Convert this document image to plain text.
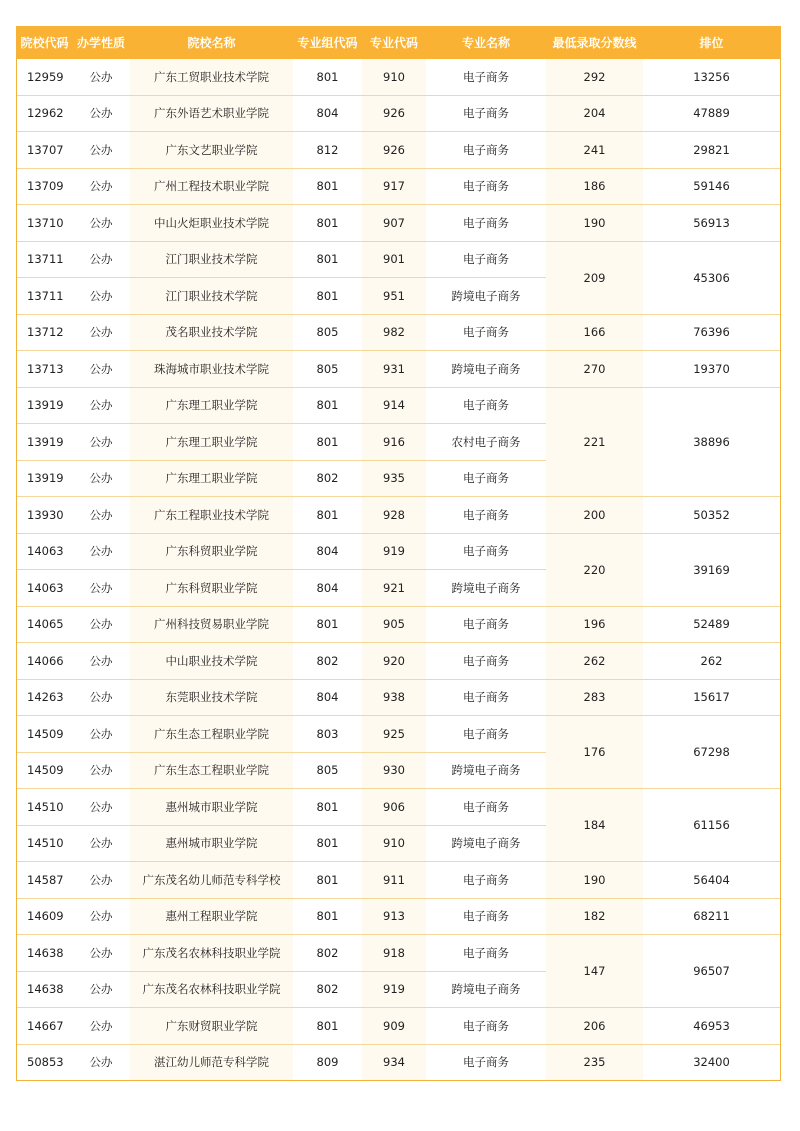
院校代码	办学性质	院校名称	专业组代码	专业代码	专业名称	最低录取分数线	排位
12959	公办	广东工贸职业技术学院	801	910	电子商务	292	13256
12962	公办	广东外语艺术职业学院	804	926	电子商务	204	47889
13707	公办	广东文艺职业学院	812	926	电子商务	241	29821
13709	公办	广州工程技术职业学院	801	917	电子商务	186	59146
13710	公办	中山火炬职业技术学院	801	907	电子商务	190	56913
13711	公办	江门职业技术学院	801	901	电子商务	209	45306
13711	公办	江门职业技术学院	801	951	跨境电子商务		
13712	公办	茂名职业技术学院	805	982	电子商务	166	76396
13713	公办	珠海城市职业技术学院	805	931	跨境电子商务	270	19370
13919	公办	广东理工职业学院	801	914	电子商务	221	38896
13919	公办	广东理工职业学院	801	916	农村电子商务		
13919	公办	广东理工职业学院	802	935	电子商务		
13930	公办	广东工程职业技术学院	801	928	电子商务	200	50352
14063	公办	广东科贸职业学院	804	919	电子商务	220	39169
14063	公办	广东科贸职业学院	804	921	跨境电子商务		
14065	公办	广州科技贸易职业学院	801	905	电子商务	196	52489
14066	公办	中山职业技术学院	802	920	电子商务	262	262
14263	公办	东莞职业技术学院	804	938	电子商务	283	15617
14509	公办	广东生态工程职业学院	803	925	电子商务	176	67298
14509	公办	广东生态工程职业学院	805	930	跨境电子商务		
14510	公办	惠州城市职业学院	801	906	电子商务	184	61156
14510	公办	惠州城市职业学院	801	910	跨境电子商务		
14587	公办	广东茂名幼儿师范专科学校	801	911	电子商务	190	56404
14609	公办	惠州工程职业学院	801	913	电子商务	182	68211
14638	公办	广东茂名农林科技职业学院	802	918	电子商务	147	96507
14638	公办	广东茂名农林科技职业学院	802	919	跨境电子商务		
14667	公办	广东财贸职业学院	801	909	电子商务	206	46953
50853	公办	湛江幼儿师范专科学院	809	934	电子商务	235	32400
